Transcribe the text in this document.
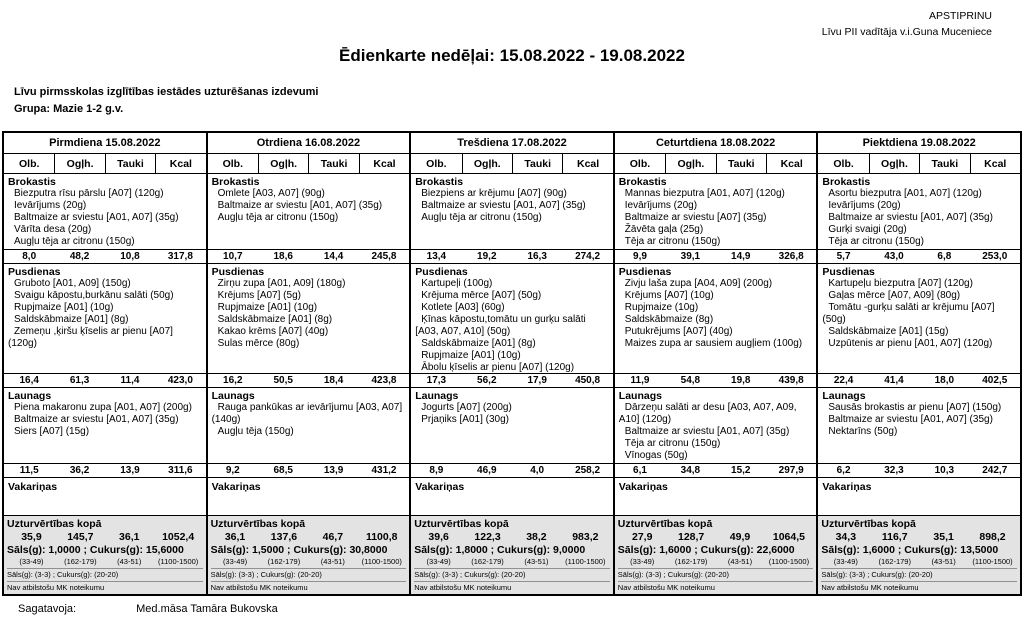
APSTIPRINU
Līvu PII vadītāja v.i.Guna Muceniece
Ēdienkarte nedēļai: 15.08.2022 - 19.08.2022
Līvu pirmsskolas izglītības iestādes uzturēšanas izdevumi
Grupa: Mazie 1-2 g.v.
Pirmdiena 15.08.2022
Olb.	Ogļh.	Tauki	Kcal
Brokastis
Biezputra rīsu pārslu [A07] (120g)
Ievārījums (20g)
Baltmaize ar sviestu [A01, A07] (35g)
Vārīta desa (20g)
Augļu tēja ar citronu (150g)
8,0	48,2	10,8	317,8
Pusdienas
Gruboto [A01, A09] (150g)
Svaigu kāpostu,burkānu salāti (50g)
Rupjmaize [A01] (10g)
Saldskābmaize [A01] (8g)
Zemeņu ,ķiršu ķīselis ar pienu [A07] (120g)
16,4	61,3	11,4	423,0
Launags
Piena makaronu zupa [A01, A07] (200g)
Baltmaize ar sviestu [A01, A07] (35g)
Siers [A07] (15g)
11,5	36,2	13,9	311,6
Vakariņas
Uzturvērtības kopā
35,9	145,7	36,1	1052,4
Sāls(g): 1,0000 ; Cukurs(g): 15,6000
(33-49)	(162-179)	(43-51)	(1100-1500)
Sāls(g): (3-3) ; Cukurs(g): (20-20)
Nav atbilstošu MK noteikumu
Otrdiena 16.08.2022
Olb.	Ogļh.	Tauki	Kcal
Brokastis
Omlete [A03, A07] (90g)
Baltmaize ar sviestu [A01, A07] (35g)
Augļu tēja ar citronu (150g)
10,7	18,6	14,4	245,8
Pusdienas
Zirņu zupa [A01, A09] (180g)
Krējums [A07] (5g)
Rupjmaize [A01] (10g)
Saldskābmaize [A01] (8g)
Kakao krēms [A07] (40g)
Sulas mērce (80g)
16,2	50,5	18,4	423,8
Launags
Rauga pankūkas ar ievārījumu [A03, A07] (140g)
Augļu tēja (150g)
9,2	68,5	13,9	431,2
Vakariņas
Uzturvērtības kopā
36,1	137,6	46,7	1100,8
Sāls(g): 1,5000 ; Cukurs(g): 30,8000
(33-49)	(162-179)	(43-51)	(1100-1500)
Sāls(g): (3-3) ; Cukurs(g): (20-20)
Nav atbilstošu MK noteikumu
Trešdiena 17.08.2022
Olb.	Ogļh.	Tauki	Kcal
Brokastis
Biezpiens ar krējumu [A07] (90g)
Baltmaize ar sviestu [A01, A07] (35g)
Augļu tēja ar citronu (150g)
13,4	19,2	16,3	274,2
Pusdienas
Kartupeļi (100g)
Krējuma mērce [A07] (50g)
Kotlete [A03] (60g)
Ķīnas kāpostu,tomātu un gurķu salāti [A03, A07, A10] (50g)
Saldskābmaize [A01] (8g)
Rupjmaize [A01] (10g)
Ābolu ķīselis ar pienu [A07] (120g)
17,3	56,2	17,9	450,8
Launags
Jogurts [A07] (200g)
Prjaņiks [A01] (30g)
8,9	46,9	4,0	258,2
Vakariņas
Uzturvērtības kopā
39,6	122,3	38,2	983,2
Sāls(g): 1,8000 ; Cukurs(g): 9,0000
(33-49)	(162-179)	(43-51)	(1100-1500)
Sāls(g): (3-3) ; Cukurs(g): (20-20)
Nav atbilstošu MK noteikumu
Ceturtdiena 18.08.2022
Olb.	Ogļh.	Tauki	Kcal
Brokastis
Mannas biezputra [A01, A07] (120g)
Ievārījums (20g)
Baltmaize ar sviestu [A07] (35g)
Žāvēta gaļa (25g)
Tēja ar citronu (150g)
9,9	39,1	14,9	326,8
Pusdienas
Zivju laša zupa [A04, A09] (200g)
Krējums [A07] (10g)
Rupjmaize (10g)
Saldskābmaize (8g)
Putukrējums [A07] (40g)
Maizes zupa ar sausiem augļiem (100g)
11,9	54,8	19,8	439,8
Launags
Dārzeņu salāti ar desu [A03, A07, A09, A10] (120g)
Baltmaize ar sviestu [A01, A07] (35g)
Tēja ar citronu (150g)
Vīnogas (50g)
6,1	34,8	15,2	297,9
Vakariņas
Uzturvērtības kopā
27,9	128,7	49,9	1064,5
Sāls(g): 1,6000 ; Cukurs(g): 22,6000
(33-49)	(162-179)	(43-51)	(1100-1500)
Sāls(g): (3-3) ; Cukurs(g): (20-20)
Nav atbilstošu MK noteikumu
Piektdiena 19.08.2022
Olb.	Ogļh.	Tauki	Kcal
Brokastis
Asortu biezputra [A01, A07] (120g)
Ievārījums (20g)
Baltmaize ar sviestu [A01, A07] (35g)
Gurķi svaigi (20g)
Tēja ar citronu (150g)
5,7	43,0	6,8	253,0
Pusdienas
Kartupeļu biezputra [A07] (120g)
Gaļas mērce [A07, A09] (80g)
Tomātu -gurķu salāti ar krējumu [A07] (50g)
Saldskābmaize [A01] (15g)
Uzpūtenis ar pienu [A01, A07] (120g)
22,4	41,4	18,0	402,5
Launags
Sausās brokastis ar pienu [A07] (150g)
Baltmaize ar sviestu [A01, A07] (35g)
Nektarīns (50g)
6,2	32,3	10,3	242,7
Vakariņas
Uzturvērtības kopā
34,3	116,7	35,1	898,2
Sāls(g): 1,6000 ; Cukurs(g): 13,5000
(33-49)	(162-179)	(43-51)	(1100-1500)
Sāls(g): (3-3) ; Cukurs(g): (20-20)
Nav atbilstošu MK noteikumu
Sagatavoja:	Med.māsa Tamāra Bukovska
